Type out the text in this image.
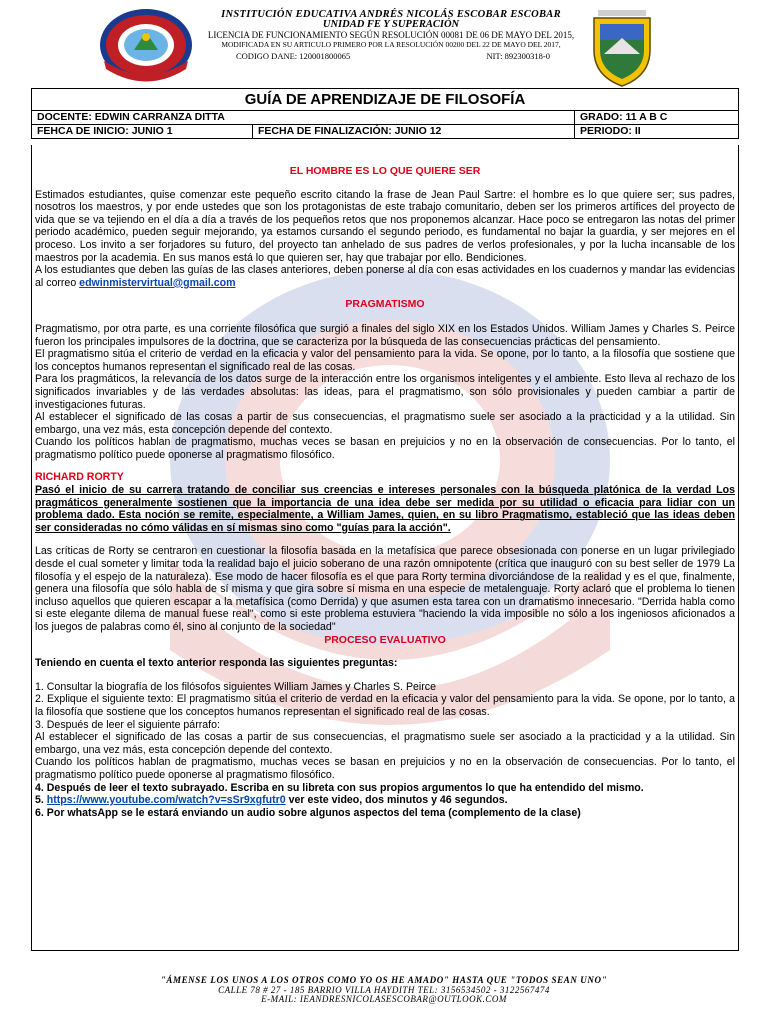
INSTITUCIÓN EDUCATIVA ANDRÉS NICOLÁS ESCOBAR ESCOBAR
UNIDAD FE Y SUPERACIÓN
LICENCIA DE FUNCIONAMIENTO SEGÚN RESOLUCIÓN 00081 DE 06 DE MAYO DEL 2015,
MODIFICADA EN SU ARTICULO PRIMERO POR LA RESOLUCIÓN 00200 DEL 22 DE MAYO DEL 2017,
CODIGO DANE: 120001800065	NIT: 892300318-0
GUÍA DE APRENDIZAJE DE FILOSOFÍA		
DOCENTE: EDWIN CARRANZA DITTA		GRADO: 11 A B C
FEHCA DE INICIO: JUNIO 1	FECHA DE FINALIZACIÓN: JUNIO 12	PERIODO: II

EL HOMBRE ES LO QUE QUIERE SER

Estimados estudiantes, quise comenzar este pequeño escrito citando la frase de Jean Paul Sartre: el hombre es lo que quiere ser; sus padres, nosotros los maestros, y por ende ustedes que son los protagonistas de este trabajo comunitario, deben ser los primeros artífices del proyecto de vida que se va tejiendo en el día a día a través de los pequeños retos que nos proponemos alcanzar. Hace poco se entregaron las notas del primer periodo académico, pueden seguir mejorando, ya estamos cursando el segundo periodo, es fundamental no bajar la guardia, y ser mejores en el proceso. Los invito a ser forjadores su futuro, del proyecto tan anhelado de sus padres de verlos profesionales, y por la lucha incansable de los maestros por la academia. En sus manos está lo que quieren ser, hay que trabajar por ello. Bendiciones.

A los estudiantes que deben las guías de las clases anteriores, deben ponerse al día con esas actividades en los cuadernos y mandar las evidencias al correo edwinmistervirtual@gmail.com

PRAGMATISMO

Pragmatismo, por otra parte, es una corriente filosófica que surgió a finales del siglo XIX en los Estados Unidos. William James y Charles S. Peirce fueron los principales impulsores de la doctrina, que se caracteriza por la búsqueda de las consecuencias prácticas del pensamiento.

El pragmatismo sitúa el criterio de verdad en la eficacia y valor del pensamiento para la vida. Se opone, por lo tanto, a la filosofía que sostiene que los conceptos humanos representan el significado real de las cosas.

Para los pragmáticos, la relevancia de los datos surge de la interacción entre los organismos inteligentes y el ambiente. Esto lleva al rechazo de los significados invariables y de las verdades absolutas: las ideas, para el pragmatismo, son sólo provisionales y pueden cambiar a partir de investigaciones futuras.

Al establecer el significado de las cosas a partir de sus consecuencias, el pragmatismo suele ser asociado a la practicidad y a la utilidad. Sin embargo, una vez más, esta concepción depende del contexto.

Cuando los políticos hablan de pragmatismo, muchas veces se basan en prejuicios y no en la observación de consecuencias. Por lo tanto, el pragmatismo político puede oponerse al pragmatismo filosófico.

RICHARD RORTY

Pasó el inicio de su carrera tratando de conciliar sus creencias e intereses personales con la búsqueda platónica de la verdad Los pragmáticos generalmente sostienen que la importancia de una idea debe ser medida por su utilidad o eficacia para lidiar con un problema dado. Esta noción se remite, especialmente, a William James, quien, en su libro Pragmatismo, estableció que las ideas deben ser consideradas no cómo válidas en sí mismas sino como "guías para la acción".

Las críticas de Rorty se centraron en cuestionar la filosofía basada en la metafísica que parece obsesionada con ponerse en un lugar privilegiado desde el cual someter y limitar toda la realidad bajo el juicio soberano de una razón omnipotente (crítica que inauguró con su best seller de 1979 La filosofía y el espejo de la naturaleza). Ese modo de hacer filosofía es el que para Rorty termina divorciándose de la realidad y es el que, finalmente, genera una filosofía que sólo habla de sí misma y que gira sobre sí misma en una especie de metalenguaje. Rorty aclaró que el problema lo tienen incluso aquellos que quieren escapar a la metafísica (como Derrida) y que asumen esta tarea con un dramatismo innecesario. "Derrida habla como si este elegante dilema de manual fuese real", como si este problema estuviera "haciendo la vida imposible no sólo a los ingeniosos aficionados a los juegos de palabras como él, sino al conjunto de la sociedad"

PROCESO EVALUATIVO

Teniendo en cuenta el texto anterior responda las siguientes preguntas:

1. Consultar la biografía de los filósofos siguientes William James y Charles S. Peirce

2. Explique el siguiente texto: El pragmatismo sitúa el criterio de verdad en la eficacia y valor del pensamiento para la vida. Se opone, por lo tanto, a la filosofía que sostiene que los conceptos humanos representan el significado real de las cosas.

3. Después de leer el siguiente párrafo:

Al establecer el significado de las cosas a partir de sus consecuencias, el pragmatismo suele ser asociado a la practicidad y a la utilidad. Sin embargo, una vez más, esta concepción depende del contexto.

Cuando los políticos hablan de pragmatismo, muchas veces se basan en prejuicios y no en la observación de consecuencias. Por lo tanto, el pragmatismo político puede oponerse al pragmatismo filosófico.

4. Después de leer el texto subrayado. Escriba en su libreta con sus propios argumentos lo que ha entendido del mismo.

5. https://www.youtube.com/watch?v=sSr9xgfutr0 ver este video, dos minutos y 46 segundos.

6. Por whatsApp se le estará enviando un audio sobre algunos aspectos del tema (complemento de la clase)

"ÁMENSE LOS UNOS A LOS OTROS COMO YO OS HE AMADO" HASTA QUE "TODOS SEAN UNO"
CALLE 78 # 27 - 185 BARRIO VILLA HAYDITH TEL: 3156534502 - 3122567474
E-MAIL: IEANDRESNICOLASESCOBAR@OUTLOOK.COM
